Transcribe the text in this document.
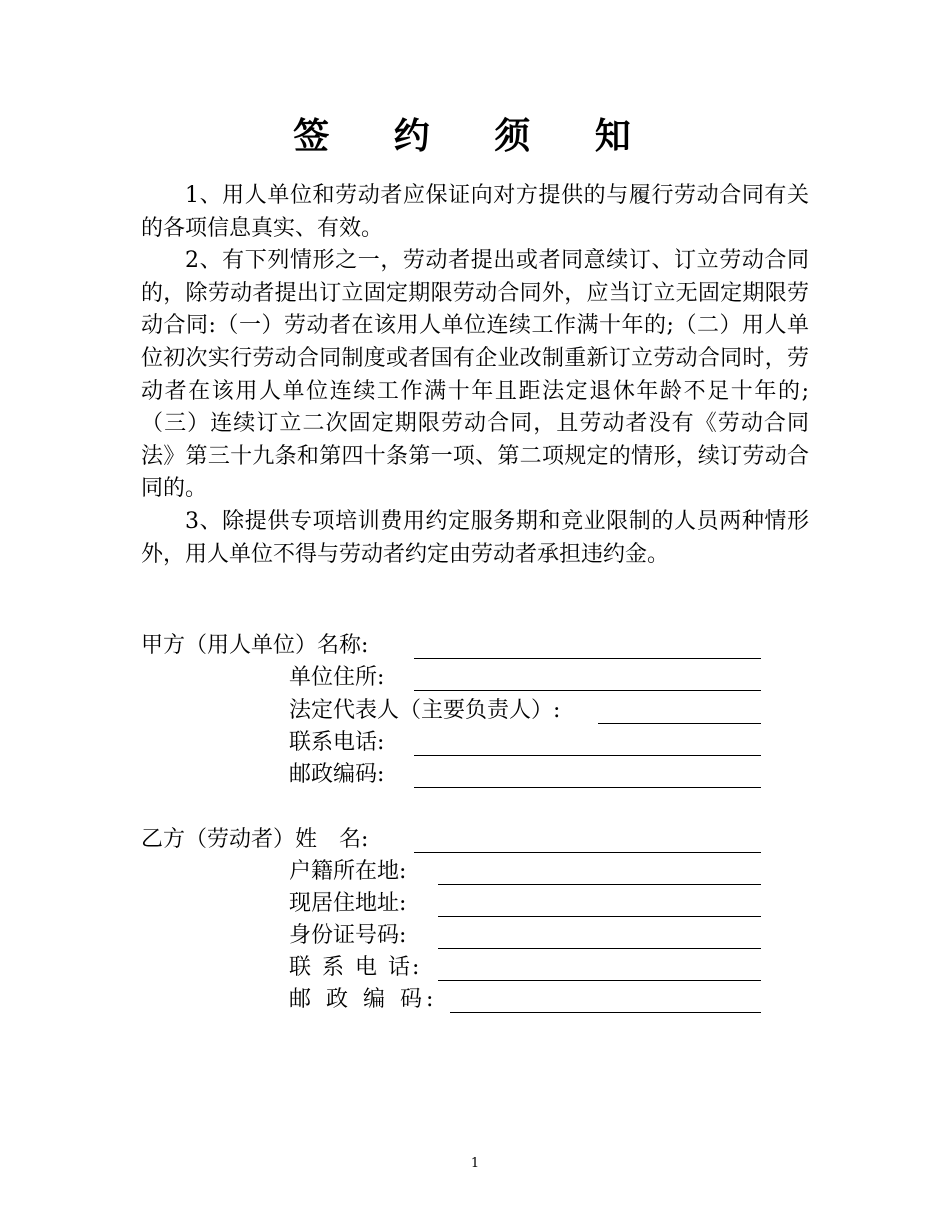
签 约 须 知

1、用人单位和劳动者应保证向对方提供的与履行劳动合同有关的各项信息真实、有效。

2、有下列情形之一，劳动者提出或者同意续订、订立劳动合同的，除劳动者提出订立固定期限劳动合同外，应当订立无固定期限劳动合同:（一）劳动者在该用人单位连续工作满十年的;（二）用人单位初次实行劳动合同制度或者国有企业改制重新订立劳动合同时，劳动者在该用人单位连续工作满十年且距法定退休年龄不足十年的;（三）连续订立二次固定期限劳动合同，且劳动者没有《劳动合同法》第三十九条和第四十条第一项、第二项规定的情形，续订劳动合同的。

3、除提供专项培训费用约定服务期和竞业限制的人员两种情形外，用人单位不得与劳动者约定由劳动者承担违约金。

甲方（用人单位）名称:
单位住所:
法定代表人（主要负责人）:
联系电话:
邮政编码:
乙方（劳动者）姓　名:
户籍所在地:
现居住地址:
身份证号码:
联 系 电 话:
邮 政 编 码:
1
